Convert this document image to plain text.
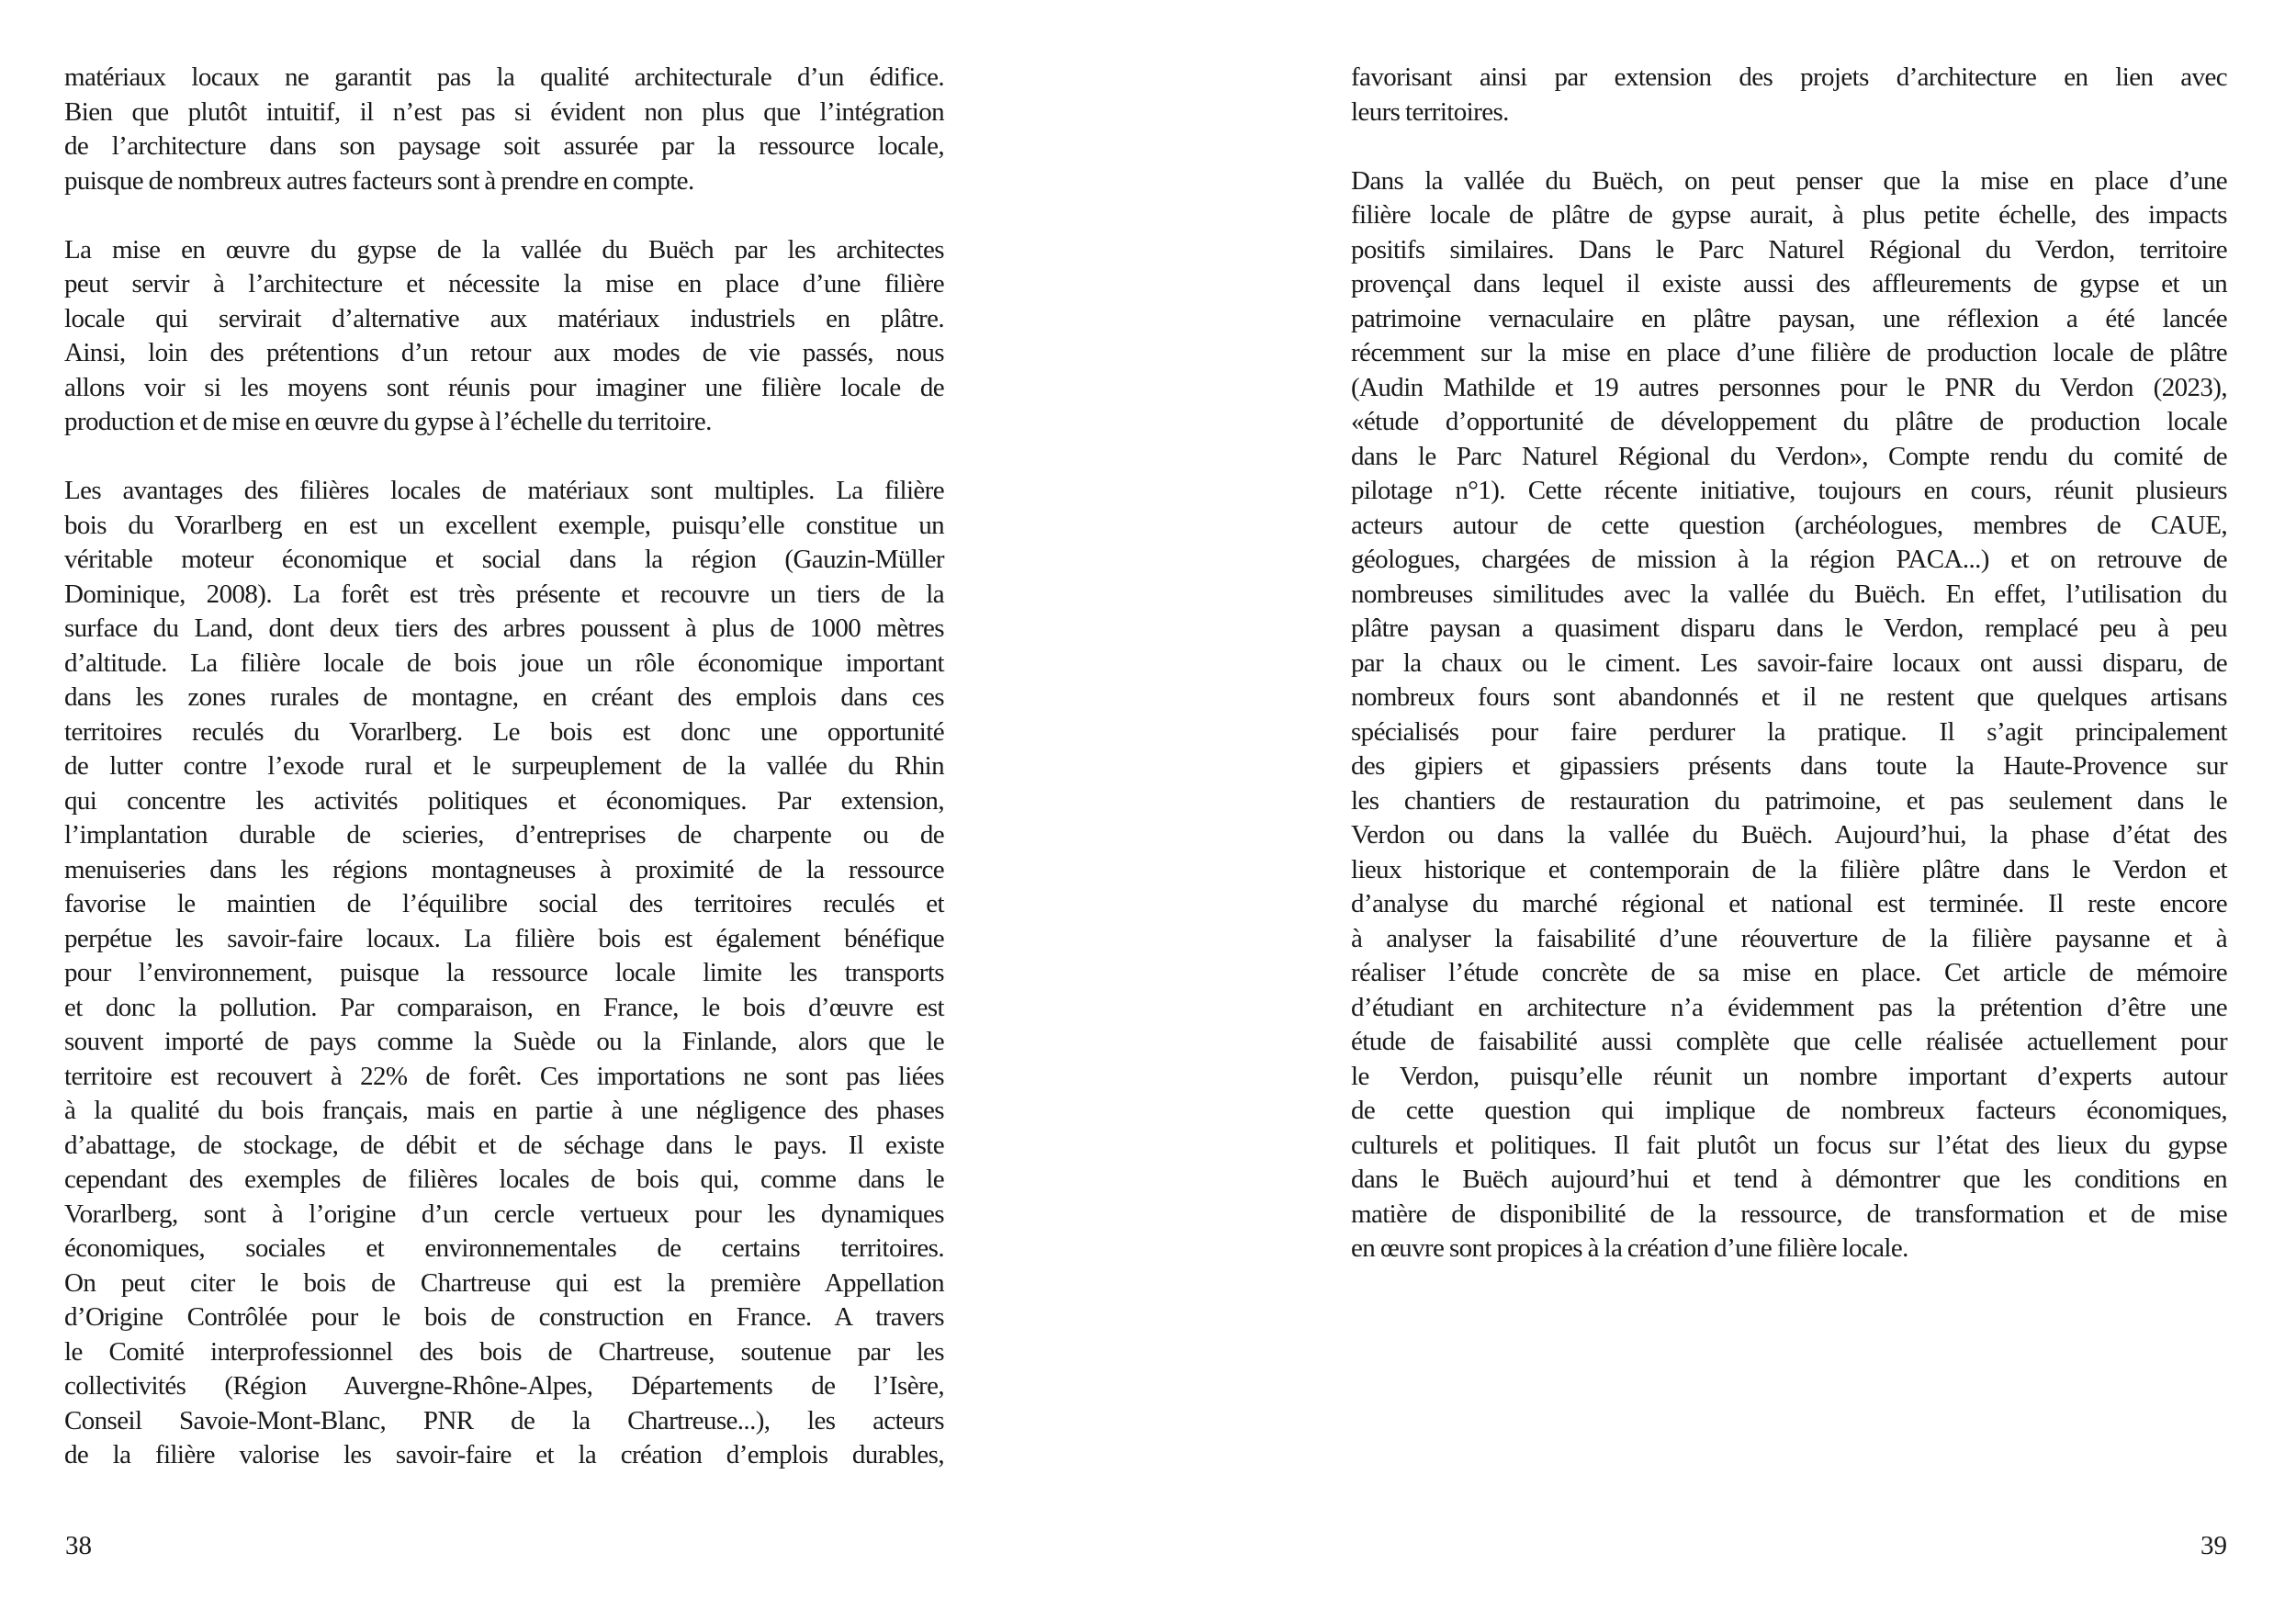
matériaux locaux ne garantit pas la qualité architecturale d’un édifice.
Bien que plutôt intuitif, il n’est pas si évident non plus que l’intégration
de l’architecture dans son paysage soit assurée par la ressource locale,
puisque de nombreux autres facteurs sont à prendre en compte.
La mise en œuvre du gypse de la vallée du Buëch par les architectes
peut servir à l’architecture et nécessite la mise en place d’une filière
locale qui servirait d’alternative aux matériaux industriels en plâtre.
Ainsi, loin des prétentions d’un retour aux modes de vie passés, nous
allons voir si les moyens sont réunis pour imaginer une filière locale de
production et de mise en œuvre du gypse à l’échelle du territoire.
Les avantages des filières locales de matériaux sont multiples. La filière
bois du Vorarlberg en est un excellent exemple, puisqu’elle constitue un
véritable moteur économique et social dans la région (Gauzin-Müller
Dominique, 2008). La forêt est très présente et recouvre un tiers de la
surface du Land, dont deux tiers des arbres poussent à plus de 1000 mètres
d’altitude. La filière locale de bois joue un rôle économique important
dans les zones rurales de montagne, en créant des emplois dans ces
territoires reculés du Vorarlberg. Le bois est donc une opportunité
de lutter contre l’exode rural et le surpeuplement de la vallée du Rhin
qui concentre les activités politiques et économiques. Par extension,
l’implantation durable de scieries, d’entreprises de charpente ou de
menuiseries dans les régions montagneuses à proximité de la ressource
favorise le maintien de l’équilibre social des territoires reculés et
perpétue les savoir-faire locaux. La filière bois est également bénéfique
pour l’environnement, puisque la ressource locale limite les transports
et donc la pollution. Par comparaison, en France, le bois d’œuvre est
souvent importé de pays comme la Suède ou la Finlande, alors que le
territoire est recouvert à 22% de forêt. Ces importations ne sont pas liées
à la qualité du bois français, mais en partie à une négligence des phases
d’abattage, de stockage, de débit et de séchage dans le pays. Il existe
cependant des exemples de filières locales de bois qui, comme dans le
Vorarlberg, sont à l’origine d’un cercle vertueux pour les dynamiques
économiques, sociales et environnementales de certains territoires.
On peut citer le bois de Chartreuse qui est la première Appellation
d’Origine Contrôlée pour le bois de construction en France. A travers
le Comité interprofessionnel des bois de Chartreuse, soutenue par les
collectivités (Région Auvergne-Rhône-Alpes, Départements de l’Isère,
Conseil Savoie-Mont-Blanc, PNR de la Chartreuse...), les acteurs
de la filière valorise les savoir-faire et la création d’emplois durables,
38
favorisant ainsi par extension des projets d’architecture en lien avec
leurs territoires.
Dans la vallée du Buëch, on peut penser que la mise en place d’une
filière locale de plâtre de gypse aurait, à plus petite échelle, des impacts
positifs similaires. Dans le Parc Naturel Régional du Verdon, territoire
provençal dans lequel il existe aussi des affleurements de gypse et un
patrimoine vernaculaire en plâtre paysan, une réflexion a été lancée
récemment sur la mise en place d’une filière de production locale de plâtre
(Audin Mathilde et 19 autres personnes pour le PNR du Verdon (2023),
«étude d’opportunité de développement du plâtre de production locale
dans le Parc Naturel Régional du Verdon», Compte rendu du comité de
pilotage n°1). Cette récente initiative, toujours en cours, réunit plusieurs
acteurs autour de cette question (archéologues, membres de CAUE,
géologues, chargées de mission à la région PACA...) et on retrouve de
nombreuses similitudes avec la vallée du Buëch. En effet, l’utilisation du
plâtre paysan a quasiment disparu dans le Verdon, remplacé peu à peu
par la chaux ou le ciment. Les savoir-faire locaux ont aussi disparu, de
nombreux fours sont abandonnés et il ne restent que quelques artisans
spécialisés pour faire perdurer la pratique. Il s’agit principalement
des gipiers et gipassiers présents dans toute la Haute-Provence sur
les chantiers de restauration du patrimoine, et pas seulement dans le
Verdon ou dans la vallée du Buëch. Aujourd’hui, la phase d’état des
lieux historique et contemporain de la filière plâtre dans le Verdon et
d’analyse du marché régional et national est terminée. Il reste encore
à analyser la faisabilité d’une réouverture de la filière paysanne et à
réaliser l’étude concrète de sa mise en place. Cet article de mémoire
d’étudiant en architecture n’a évidemment pas la prétention d’être une
étude de faisabilité aussi complète que celle réalisée actuellement pour
le Verdon, puisqu’elle réunit un nombre important d’experts autour
de cette question qui implique de nombreux facteurs économiques,
culturels et politiques. Il fait plutôt un focus sur l’état des lieux du gypse
dans le Buëch aujourd’hui et tend à démontrer que les conditions en
matière de disponibilité de la ressource, de transformation et de mise
en œuvre sont propices à la création d’une filière locale.
39
